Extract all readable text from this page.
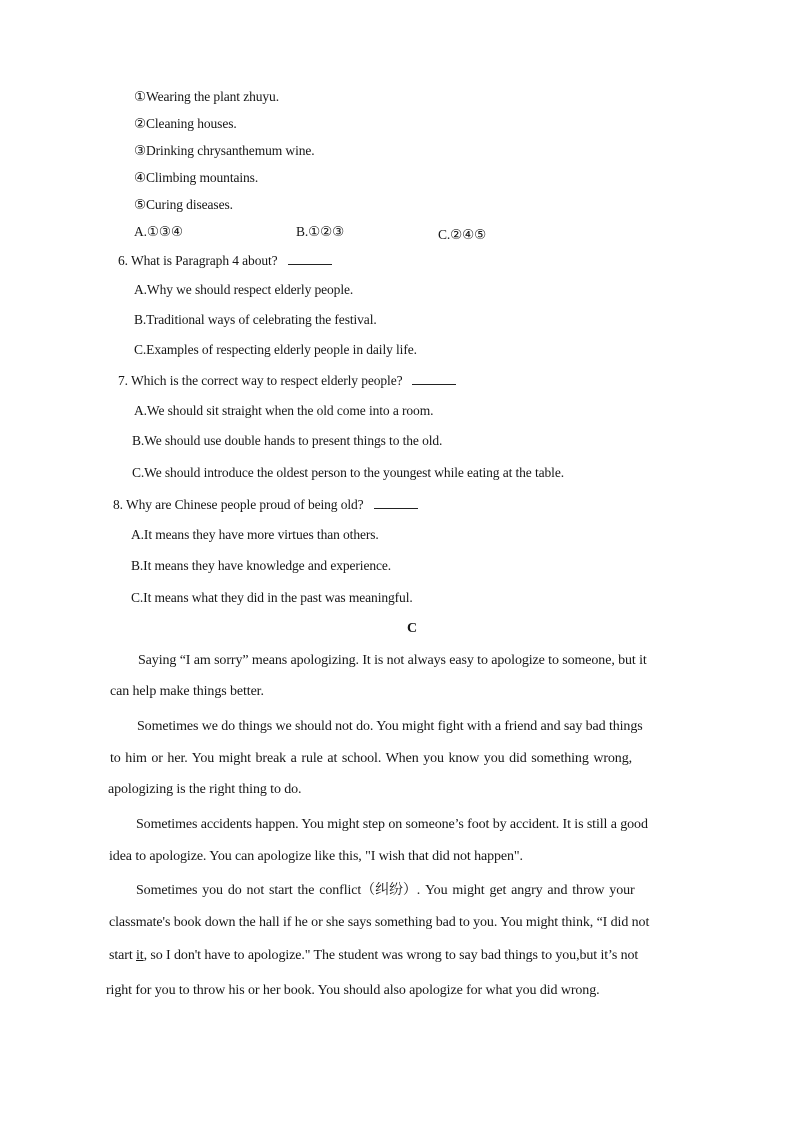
①Wearing the plant zhuyu.
②Cleaning houses.
③Drinking chrysanthemum wine.
④Climbing mountains.
⑤Curing diseases.
A.①③④	B.①②③	C.②④⑤
6. What is Paragraph 4 about?
A.Why we should respect elderly people.
B.Traditional ways of celebrating the festival.
C.Examples of respecting elderly people in daily life.
7. Which is the correct way to respect elderly people?
A.We should sit straight when the old come into a room.
B.We should use double hands to present things to the old.
C.We should introduce the oldest person to the youngest while eating at the table.
8. Why are Chinese people proud of being old?
A.It means they have more virtues than others.
B.It means they have knowledge and experience.
C.It means what they did in the past was meaningful.
C
Saying “I am sorry” means apologizing. It is not always easy to apologize to someone, but it
can help make things better.
Sometimes we do things we should not do. You might fight with a friend and say bad things
to him or her. You might break a rule at school. When you know you did something wrong,
apologizing is the right thing to do.
Sometimes accidents happen. You might step on someone’s foot by accident. It is still a good
idea to apologize. You can apologize like this, "I wish that did not happen".
Sometimes you do not start the conflict（纠纷）. You might get angry and throw your
classmate's book down the hall if he or she says something bad to you. You might think, “I did not
start it, so I don't have to apologize." The student was wrong to say bad things to you,but it’s not
right for you to throw his or her book. You should also apologize for what you did wrong.
